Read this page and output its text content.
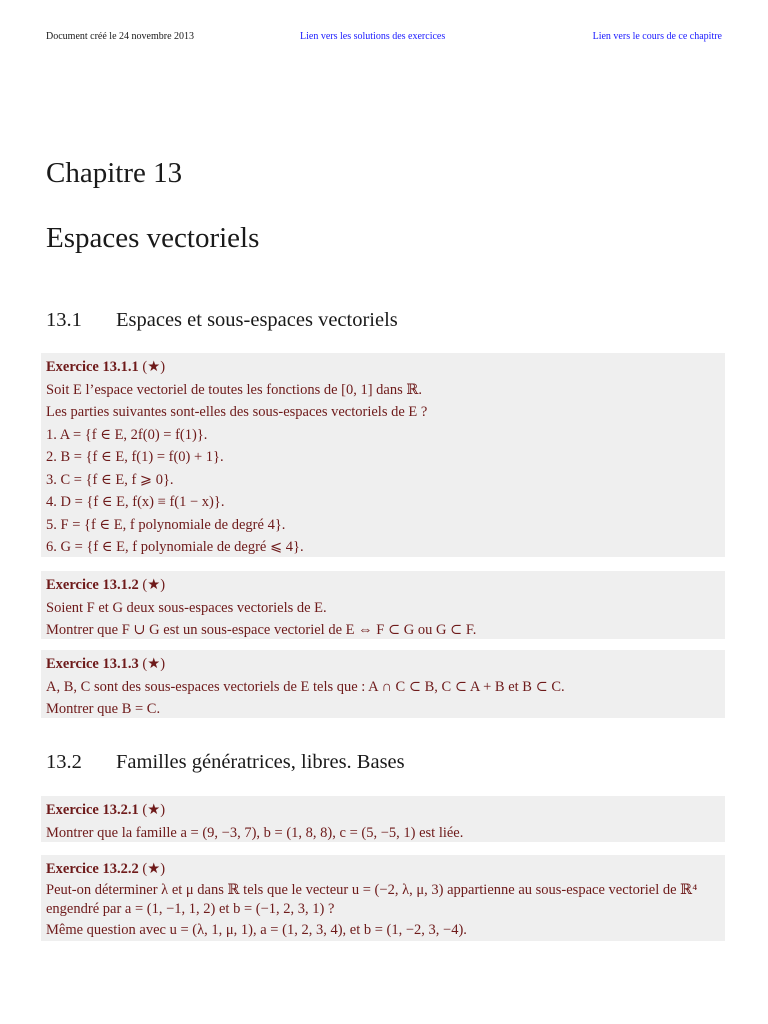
Document créé le 24 novembre 2013	Lien vers les solutions des exercices	Lien vers le cours de ce chapitre
Chapitre 13
Espaces vectoriels
13.1 Espaces et sous-espaces vectoriels
Exercice 13.1.1 (★)
Soit E l’espace vectoriel de toutes les fonctions de [0, 1] dans ℝ.
Les parties suivantes sont-elles des sous-espaces vectoriels de E ?
1. A = {f ∈ E, 2f(0) = f(1)}.
2. B = {f ∈ E, f(1) = f(0) + 1}.
3. C = {f ∈ E, f ⩾ 0}.
4. D = {f ∈ E, f(x) ≡ f(1 − x)}.
5. F = {f ∈ E, f polynomiale de degré 4}.
6. G = {f ∈ E, f polynomiale de degré ⩽ 4}.
Exercice 13.1.2 (★)
Soient F et G deux sous-espaces vectoriels de E.
Montrer que F ∪ G est un sous-espace vectoriel de E ⇔ F ⊂ G ou G ⊂ F.
Exercice 13.1.3 (★)
A, B, C sont des sous-espaces vectoriels de E tels que : A ∩ C ⊂ B, C ⊂ A + B et B ⊂ C.
Montrer que B = C.
13.2 Familles génératrices, libres. Bases
Exercice 13.2.1 (★)
Montrer que la famille a = (9, −3, 7), b = (1, 8, 8), c = (5, −5, 1) est liée.
Exercice 13.2.2 (★)
Peut-on déterminer λ et μ dans ℝ tels que le vecteur u = (−2, λ, μ, 3) appartienne au sous-espace vectoriel de ℝ⁴ engendré par a = (1, −1, 1, 2) et b = (−1, 2, 3, 1) ?
Même question avec u = (λ, 1, μ, 1), a = (1, 2, 3, 4), et b = (1, −2, 3, −4).
